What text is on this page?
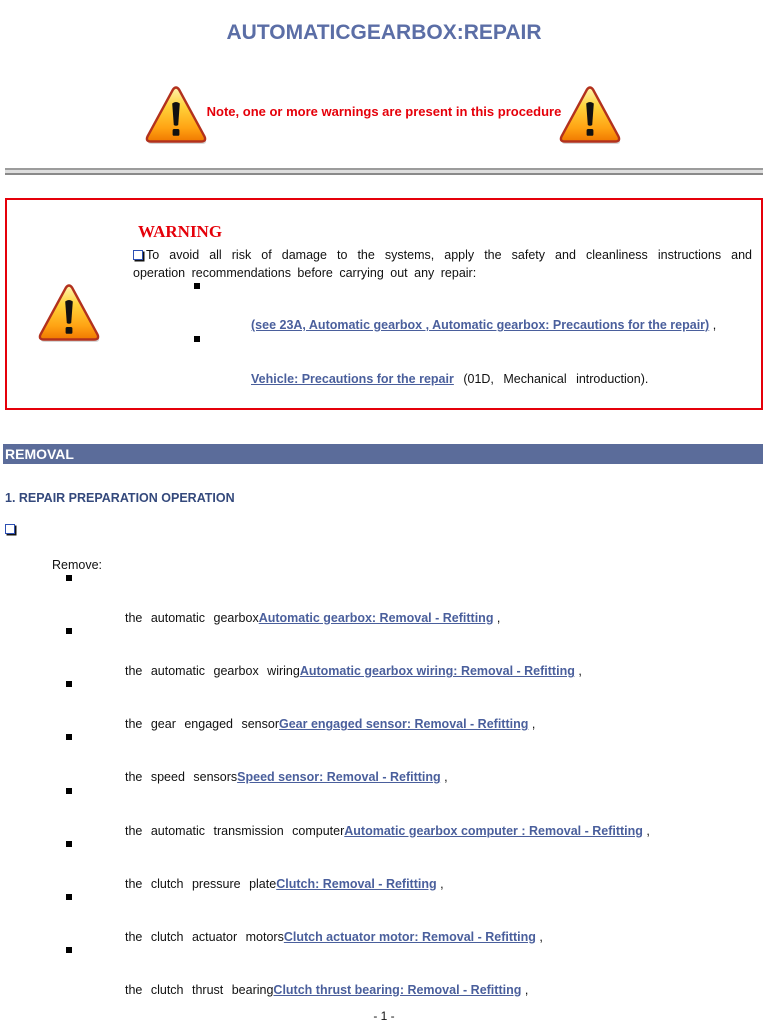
AUTOMATICGEARBOX:REPAIR
Note, one or more warnings are present in this procedure
WARNING

To avoid all risk of damage to the systems, apply the safety and cleanliness instructions and operation recommendations before carrying out any repair:

(see 23A, Automatic gearbox , Automatic gearbox: Precautions for the repair) ,
Vehicle: Precautions for the repair (01D, Mechanical introduction).
REMOVAL
1. REPAIR PREPARATION OPERATION
Remove:
the automatic gearboxAutomatic gearbox: Removal - Refitting ,
the automatic gearbox wiringAutomatic gearbox wiring: Removal - Refitting ,
the gear engaged sensorGear engaged sensor: Removal - Refitting ,
the speed sensorsSpeed sensor: Removal - Refitting ,
the automatic transmission computerAutomatic gearbox computer : Removal - Refitting ,
the clutch pressure plateClutch: Removal - Refitting ,
the clutch actuator motorsClutch actuator motor: Removal - Refitting ,
the clutch thrust bearingClutch thrust bearing: Removal - Refitting ,
- 1 -
